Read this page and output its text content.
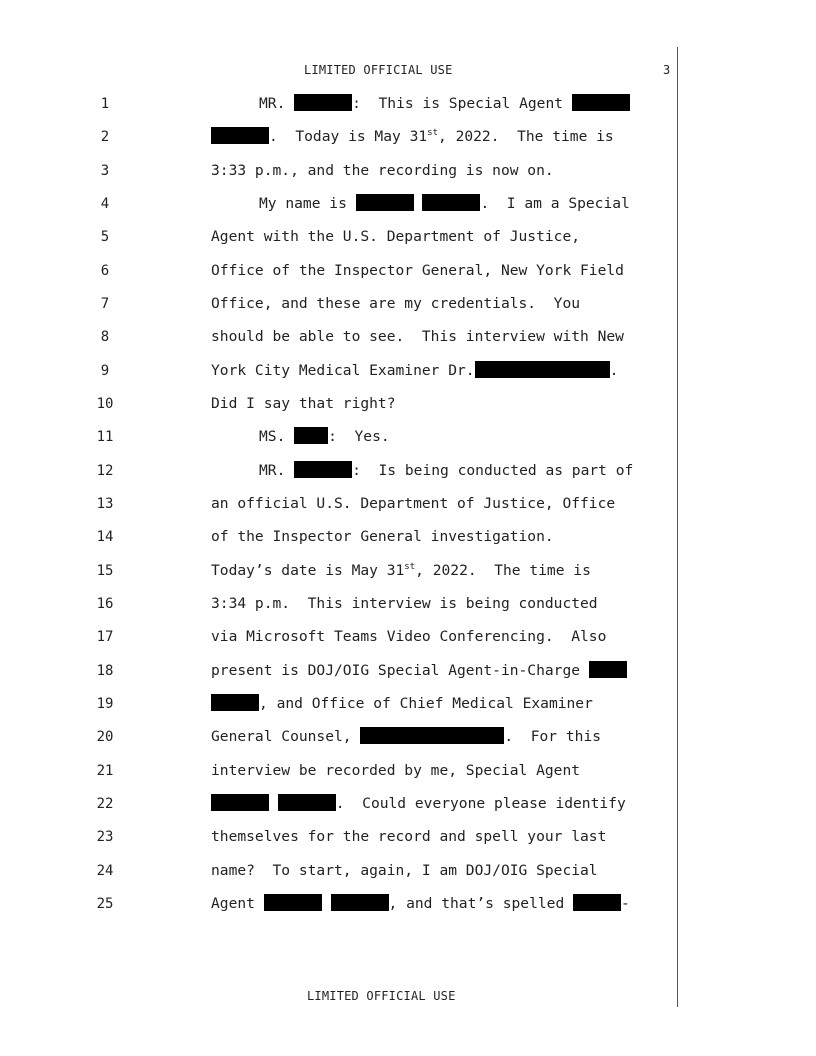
LIMITED OFFICIAL USE	3
1	MR.	:  This is Special Agent
2	.  Today is May 31st, 2022.  The time is
3	3:33 p.m., and the recording is now on.
4	My name is	.  I am a Special
5	Agent with the U.S. Department of Justice,
6	Office of the Inspector General, New York Field
7	Office, and these are my credentials.  You
8	should be able to see.  This interview with New
9	York City Medical Examiner Dr.	.
10	Did I say that right?
11	MS. :  Yes.
12	MR.	:  Is being conducted as part of
13	an official U.S. Department of Justice, Office
14	of the Inspector General investigation.
15	Today’s date is May 31st, 2022.  The time is
16	3:34 p.m.  This interview is being conducted
17	via Microsoft Teams Video Conferencing.  Also
18	present is DOJ/OIG Special Agent-in-Charge
19	, and Office of Chief Medical Examiner
20	General Counsel,	.  For this
21	interview be recorded by me, Special Agent
22	.  Could everyone please identify
23	themselves for the record and spell your last
24	name?  To start, again, I am DOJ/OIG Special
25	Agent	, and that’s spelled	-
LIMITED OFFICIAL USE
